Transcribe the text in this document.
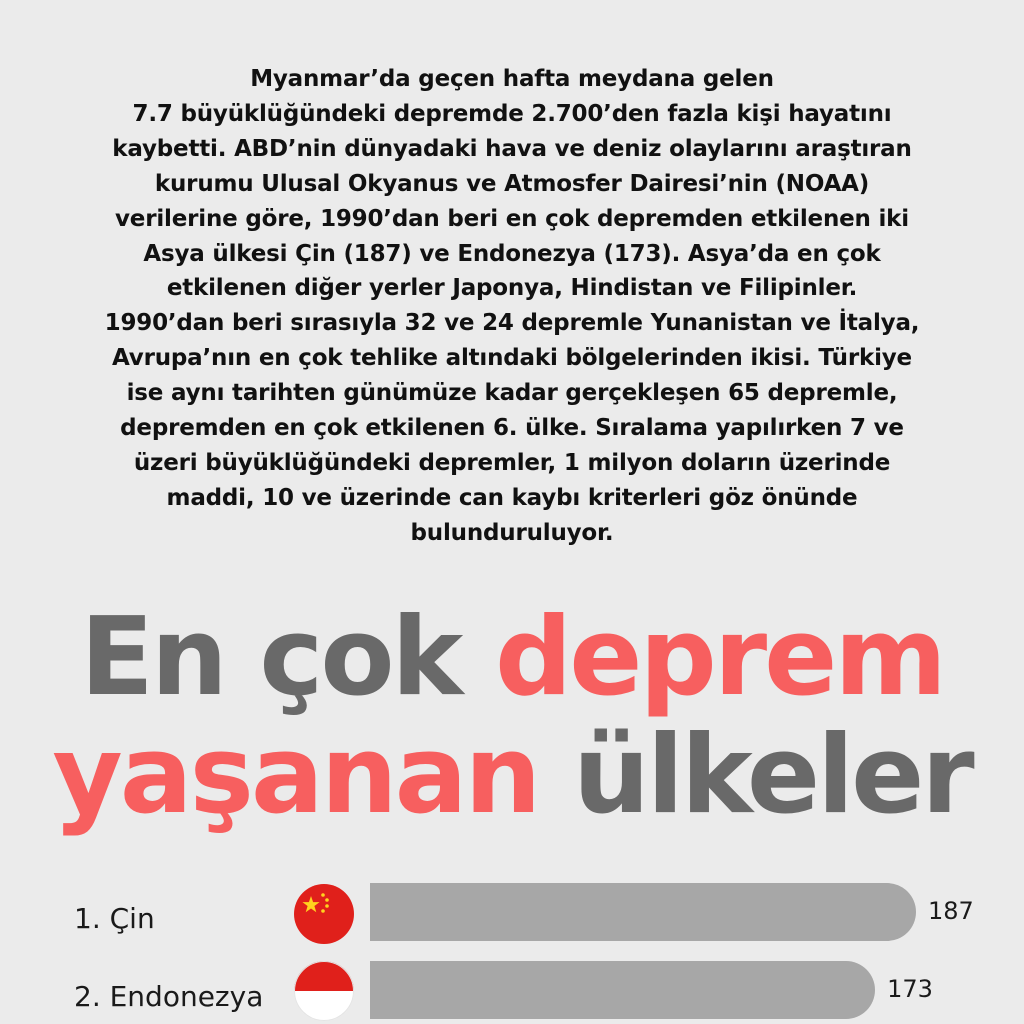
Myanmar’da geçen hafta meydana gelen
7.7 büyüklüğündeki depremde 2.700’den fazla kişi hayatını
kaybetti. ABD’nin dünyadaki hava ve deniz olaylarını araştıran
kurumu Ulusal Okyanus ve Atmosfer Dairesi’nin (NOAA)
verilerine göre, 1990’dan beri en çok depremden etkilenen iki
Asya ülkesi Çin (187) ve Endonezya (173). Asya’da en çok
etkilenen diğer yerler Japonya, Hindistan ve Filipinler.
1990’dan beri sırasıyla 32 ve 24 depremle Yunanistan ve İtalya,
Avrupa’nın en çok tehlike altındaki bölgelerinden ikisi. Türkiye
ise aynı tarihten günümüze kadar gerçekleşen 65 depremle,
depremden en çok etkilenen 6. ülke. Sıralama yapılırken 7 ve
üzeri büyüklüğündeki depremler, 1 milyon doların üzerinde
maddi, 10 ve üzerinde can kaybı kriterleri göz önünde
bulunduruluyor.
En çok deprem
yaşanan ülkeler
1. Çin	187
2. Endonezya	173
